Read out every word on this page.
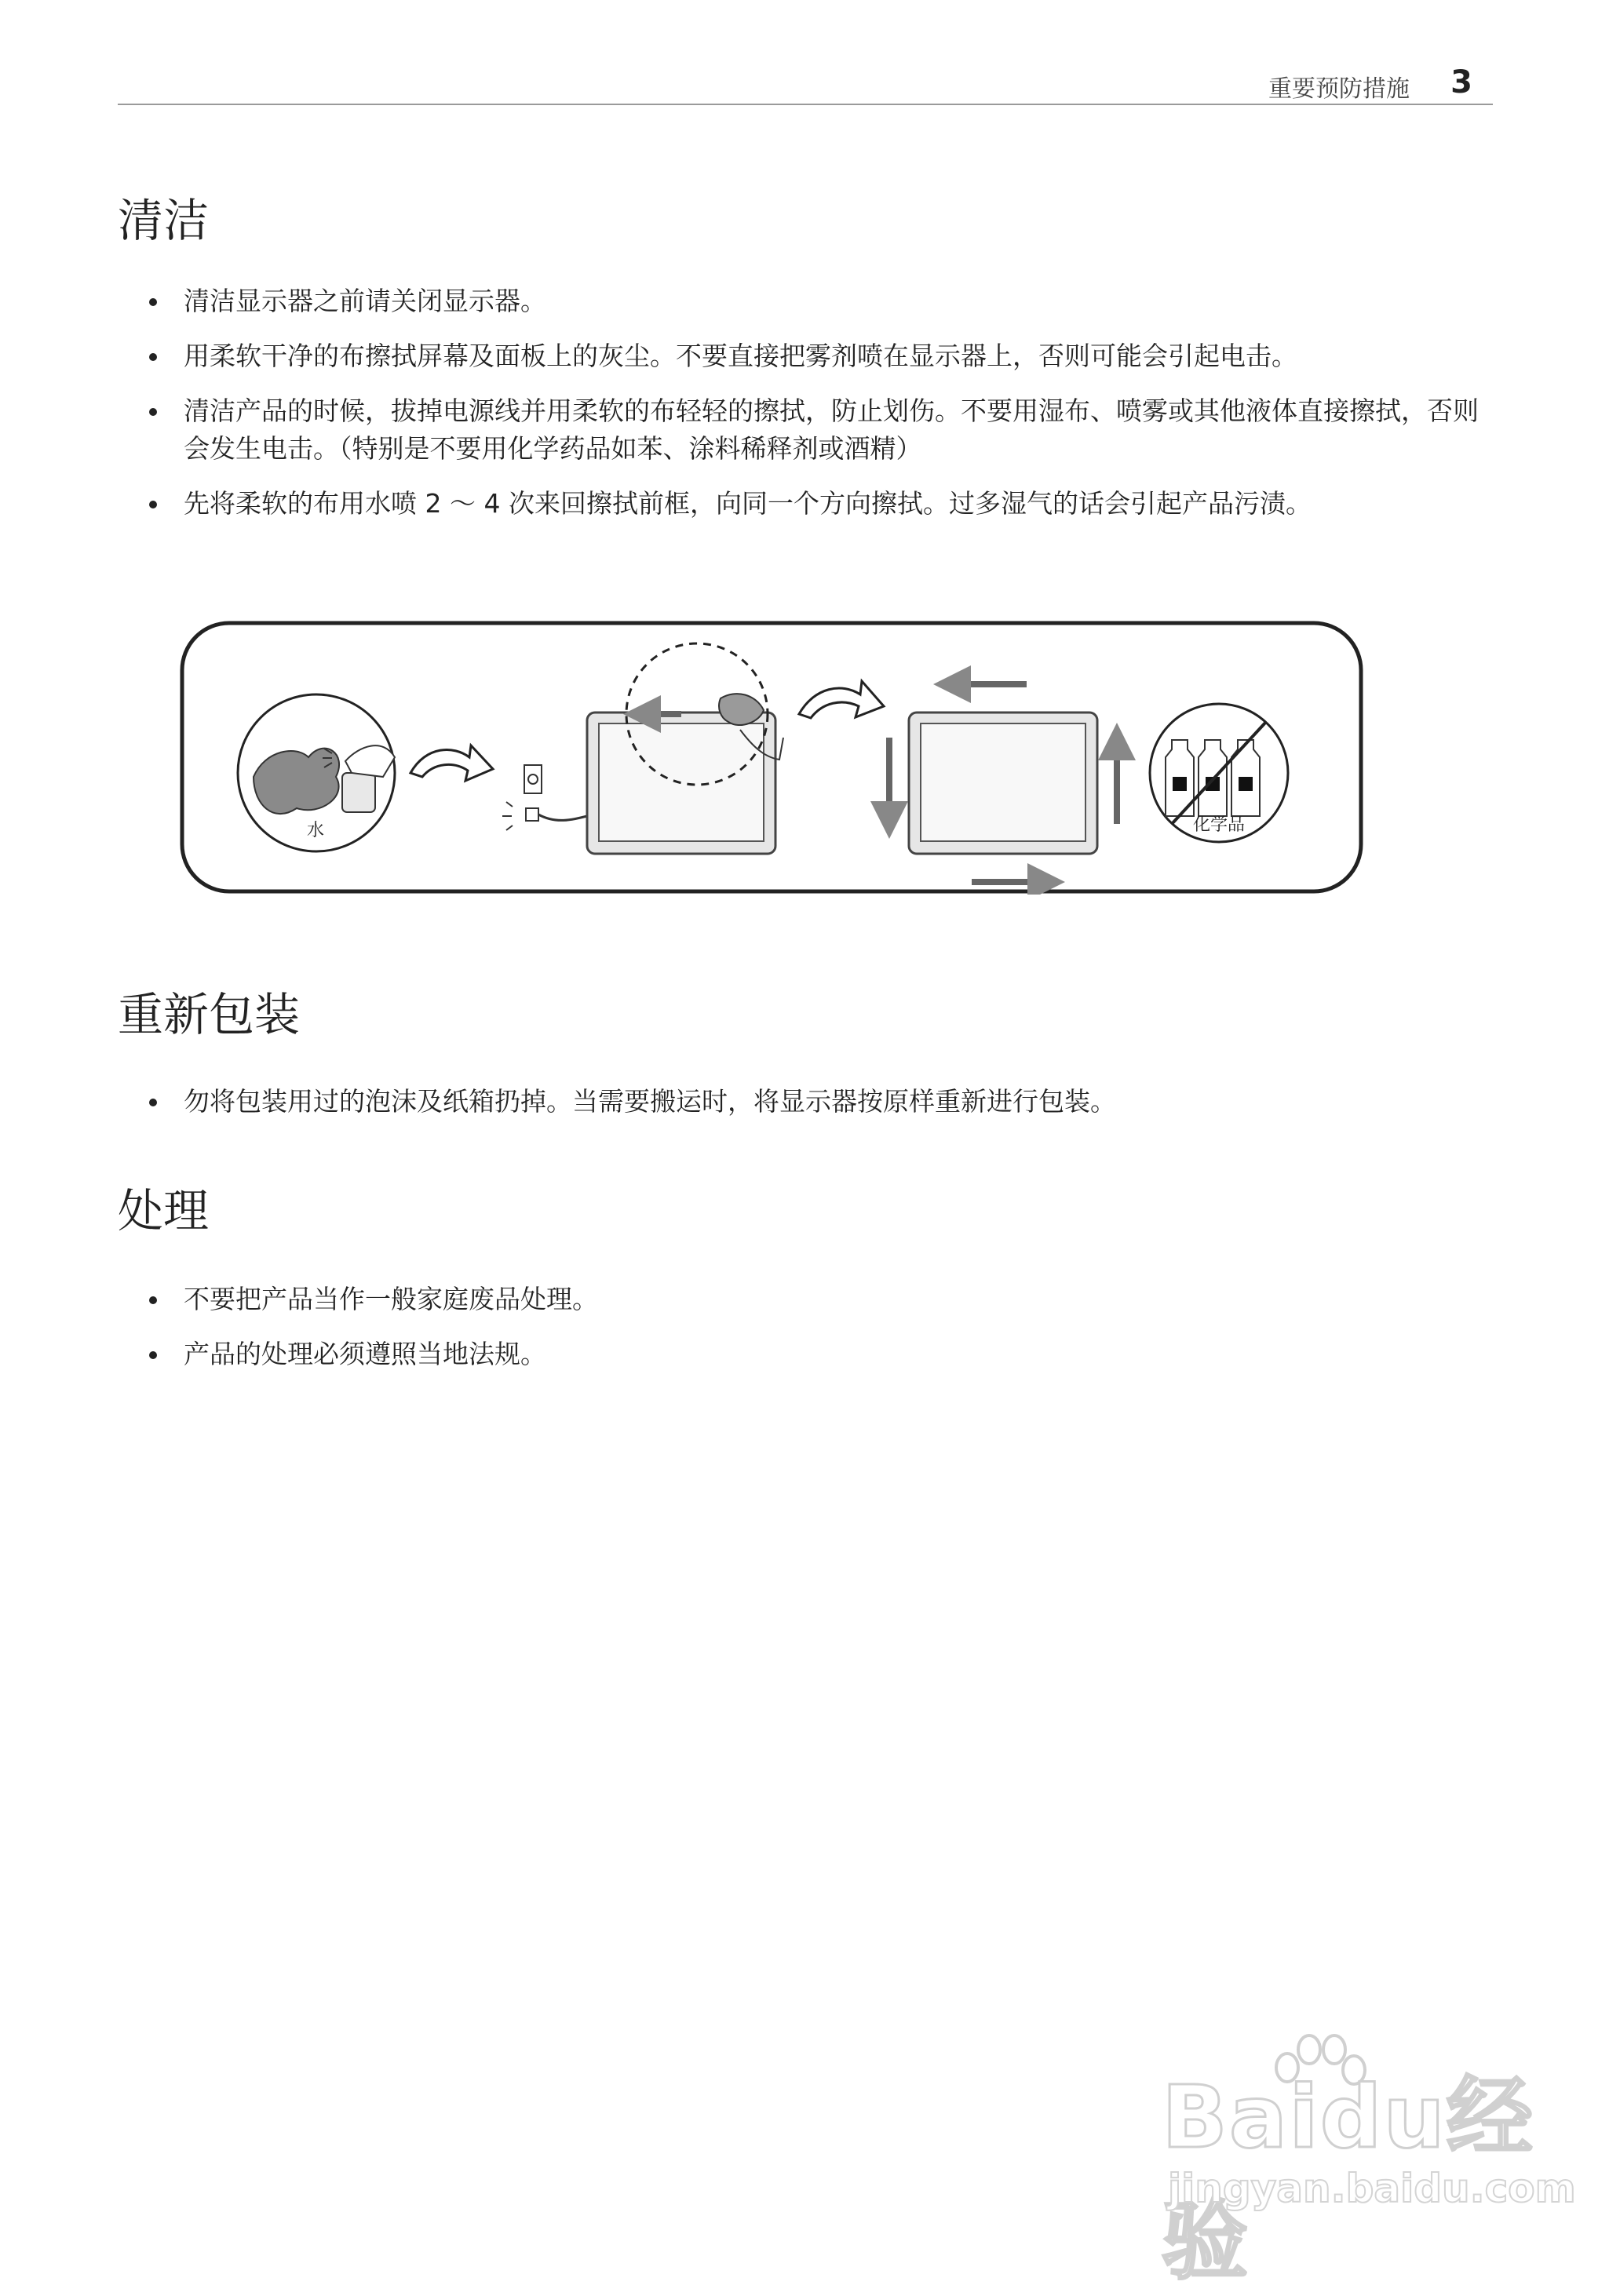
重要预防措施 3
清洁
清洁显示器之前请关闭显示器。
用柔软干净的布擦拭屏幕及面板上的灰尘。不要直接把雾剂喷在显示器上，否则可能会引起电击。
清洁产品的时候，拔掉电源线并用柔软的布轻轻的擦拭，防止划伤。不要用湿布、喷雾或其他液体直接擦拭，否则会发生电击。（特别是不要用化学药品如苯、涂料稀释剂或酒精）
先将柔软的布用水喷 2 ～ 4 次来回擦拭前框，向同一个方向擦拭。过多湿气的话会引起产品污渍。
水	化学品
重新包装
勿将包装用过的泡沫及纸箱扔掉。当需要搬运时，将显示器按原样重新进行包装。
处理
不要把产品当作一般家庭废品处理。
产品的处理必须遵照当地法规。
Baidu经验
jingyan.baidu.com
